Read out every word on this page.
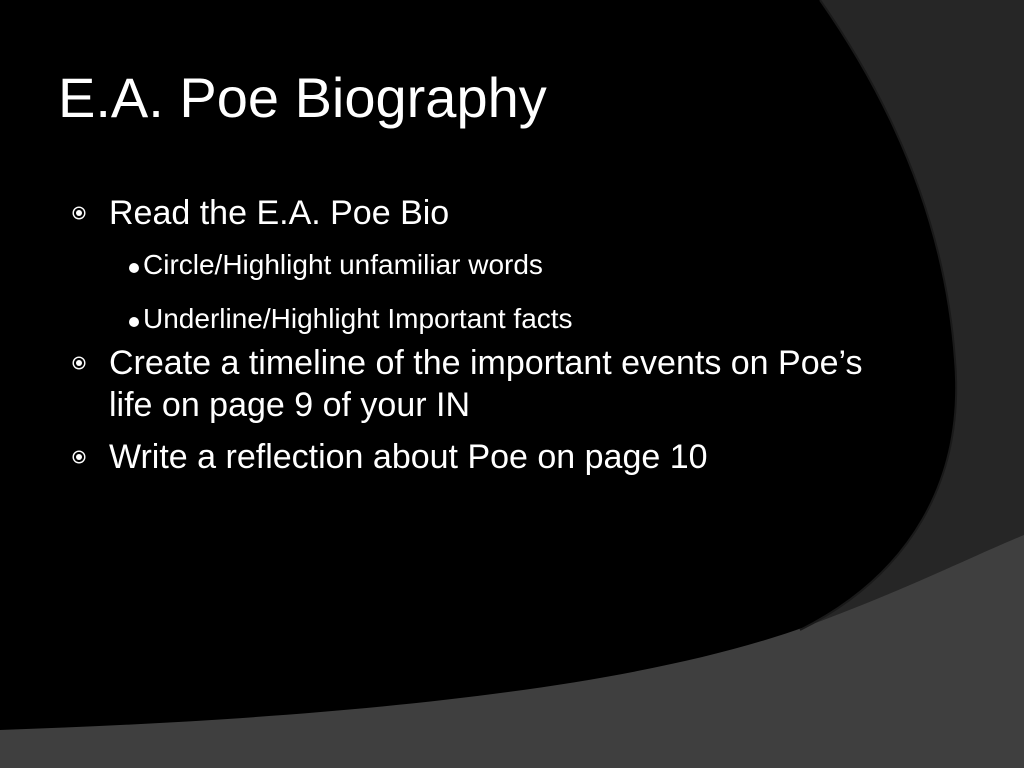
E.A. Poe Biography
Read the E.A. Poe Bio
Circle/Highlight unfamiliar words
Underline/Highlight Important facts
Create a timeline of the important events on Poe’s life on page 9 of your IN
Write a reflection about Poe on page 10
